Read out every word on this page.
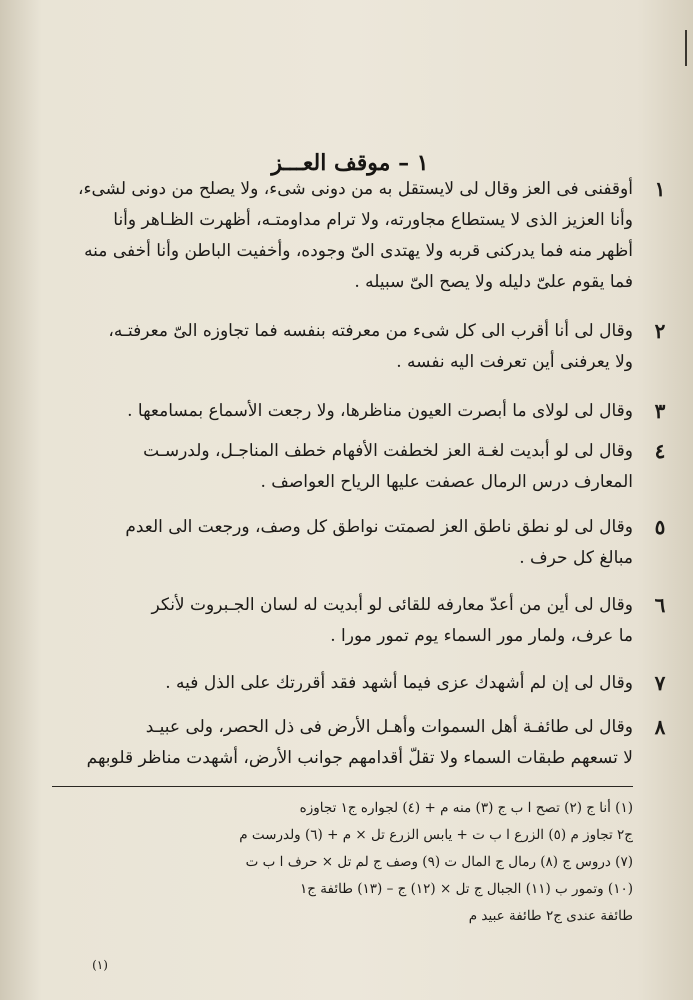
١ – موقف العـــز
١
أوقفنى فى العز وقال لى لايستقل به من دونى شىء، ولا يصلح من دونى لشىء،
وأنا العزيز الذى لا يستطاع مجاورته، ولا ترام مداومتـه، أظهرت الظـاهر وأنا
أظهر منه فما يدركنى قربه ولا يهتدى الىّ وجوده، وأخفيت الباطن وأنا أخفى منه
فما يقوم علىّ دليله ولا يصح الىّ سبيله .
٢
وقال لى أنا أقرب الى كل شىء من معرفته بنفسه فما تجاوزه الىّ معرفتـه،
ولا يعرفنى أين تعرفت اليه نفسه .
٣
وقال لى لولاى ما أبصرت العيون مناظرها، ولا رجعت الأسماع بمسامعها .
٤
وقال لى لو أبديت لغـة العز لخطفت الأفهام خطف المناجـل، ولدرسـت
المعارف درس الرمال عصفت عليها الرياح العواصف .
٥
وقال لى لو نطق ناطق العز لصمتت نواطق كل وصف، ورجعت الى العدم
مبالغ كل حرف .
٦
وقال لى أين من أعدّ معارفه للقائى لو أبديت له لسان الجـبروت لأنكر
ما عرف، ولمار مور السماء يوم تمور مورا .
٧
وقال لى إن لم أشهدك عزى فيما أشهد فقد أقررتك على الذل فيه .
٨
وقال لى طائفـة أهل السموات وأهـل الأرض فى ذل الحصر، ولى عبيـد
لا تسعهم طبقات السماء ولا تقلّ أقدامهم جوانب الأرض، أشهدت مناظر قلوبهم
(١) أنا ج (٢) تصح ا ب ج (٣) منه م + (٤) لجواره ج١ تجاوزه
ج٢ تجاوز م (٥) الزرع ا ب ت + يابس الزرع تل × م + (٦) ولدرست م
(٧) دروس ج (٨) رمال ج المال ت (٩) وصف ج لم تل × حرف ا ب ت
(١٠) وتمور ب (١١) الجبال ج تل × (١٢) ج – (١٣) طائفة ج١
طائفة عندى ج٢ طائفة عبيد م
(١)
